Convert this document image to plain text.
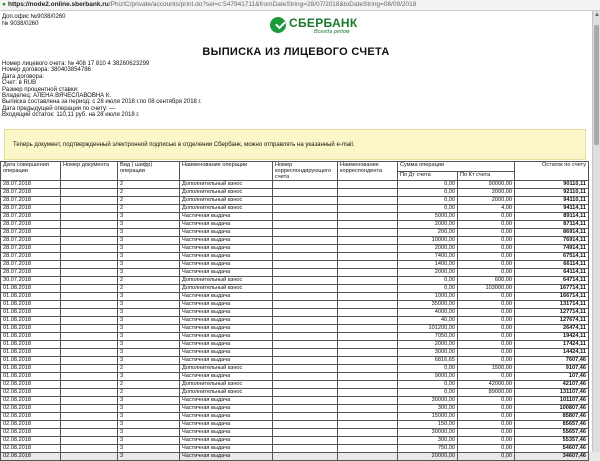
● https://node2.online.sberbank.ru/PhizIC/private/accounts/print.do?sel=c:547941711&fromDateString=28/07/2018&toDateString=08/09/2018
Доп.офис №9038/0260
№ 9038/0260	СБЕРБАНК
Всегда рядом
ВЫПИСКА ИЗ ЛИЦЕВОГО СЧЕТА
Номер лицевого счета: № 408 17 810 4 38260623299
Номер договора: 380403854786
Дата договора:
Счет: в RUB
Размер процентной ставки:
Владелец: АЛЕНА ВЯЧЕСЛАВОВНА К.
Выписка составлена за период: с 28 июля 2018 г.по 08 сентября 2018 г.
Дата предыдущей операции по счету: —
Входящий остаток: 110,11 руб. на 28 июля 2018 г.
Теперь документ, подтвержденный электронной подписью в отделении Сбербанк, можно отправлять на указанный e-mail.
Дата совершения операции	Номер документа	Вид ( шифр) операции	Наименование операции	Номер корреспондирующего счета	Наименование корреспондента	Сумма операции		Остаток по счету
						По Дт счета	По Кт счета	
28.07.2018		2	Дополнительный взнос			0,00	90000,00	90110,11
28.07.2018		2	Дополнительный взнос			0,00	2000,00	92110,11
28.07.2018		2	Дополнительный взнос			0,00	2000,00	94110,11
28.07.2018		2	Дополнительный взнос			0,00	4,00	94114,11
28.07.2018		3	Частичная выдача			5000,00	0,00	89114,11
28.07.2018		3	Частичная выдача			2000,00	0,00	87114,11
28.07.2018		3	Частичная выдача			200,00	0,00	86914,11
28.07.2018		3	Частичная выдача			10000,00	0,00	76914,11
28.07.2018		3	Частичная выдача			2000,00	0,00	74914,11
28.07.2018		3	Частичная выдача			7400,00	0,00	67514,11
28.07.2018		3	Частичная выдача			1400,00	0,00	66114,11
28.07.2018		3	Частичная выдача			2000,00	0,00	64114,11
30.07.2018		2	Дополнительный взнос			0,00	600,00	64714,11
01.08.2018		2	Дополнительный взнос			0,00	103000,00	167714,11
01.08.2018		3	Частичная выдача			1000,00	0,00	166714,11
01.08.2018		3	Частичная выдача			35000,00	0,00	131714,11
01.08.2018		3	Частичная выдача			4000,00	0,00	127714,11
01.08.2018		3	Частичная выдача			40,00	0,00	127674,11
01.08.2018		3	Частичная выдача			101200,00	0,00	26474,11
01.08.2018		3	Частичная выдача			7050,00	0,00	19424,11
01.08.2018		3	Частичная выдача			2000,00	0,00	17424,11
01.08.2018		3	Частичная выдача			3000,00	0,00	14424,11
01.08.2018		3	Частичная выдача			6816,65	0,00	7607,46
01.08.2018		2	Дополнительный взнос			0,00	1500,00	9107,46
01.08.2018		3	Частичная выдача			9000,00	0,00	107,46
02.08.2018		2	Дополнительный взнос			0,00	42000,00	42107,46
02.08.2018		2	Дополнительный взнос			0,00	89000,00	131107,46
02.08.2018		3	Частичная выдача			30000,00	0,00	101107,46
02.08.2018		3	Частичная выдача			300,00	0,00	100807,46
02.08.2018		3	Частичная выдача			15000,00	0,00	85807,46
02.08.2018		3	Частичная выдача			150,00	0,00	85657,46
02.08.2018		3	Частичная выдача			30000,00	0,00	55657,46
02.08.2018		3	Частичная выдача			300,00	0,00	55357,46
02.08.2018		3	Частичная выдача			750,00	0,00	54607,46
02.08.2018		3	Частичная выдача			20000,00	0,00	34607,46
▲
